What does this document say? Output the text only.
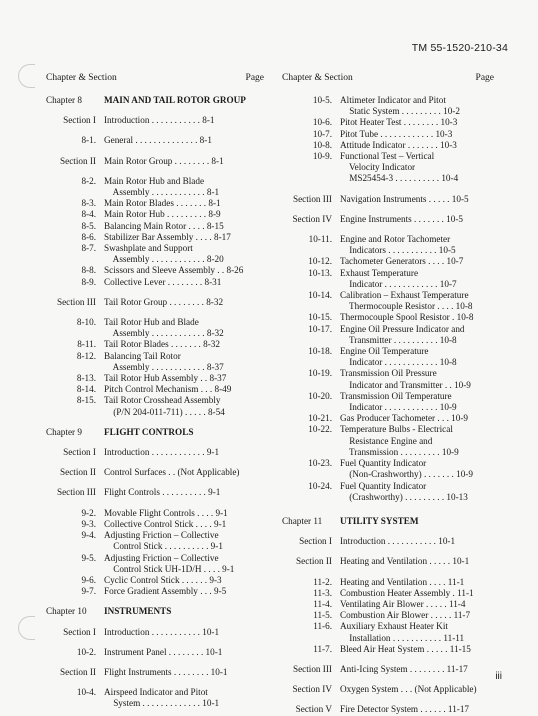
TM 55-1520-210-34
Chapter & Section	Page
Chapter 8 MAIN AND TAIL ROTOR GROUP
Section I Introduction . . . . . . . . . . . 8-1
8-1. General . . . . . . . . . . . . . . 8-1
Section II Main Rotor Group . . . . . . . . 8-1
8-2. Main Rotor Hub and Blade
Assembly . . . . . . . . . . . . 8-1
8-3. Main Rotor Blades . . . . . . . 8-1
8-4. Main Rotor Hub . . . . . . . . . 8-9
8-5. Balancing Main Rotor . . . . 8-15
8-6. Stabilizer Bar Assembly . . . . 8-17
8-7. Swashplate and Support
Assembly . . . . . . . . . . . . 8-20
8-8. Scissors and Sleeve Assembly . . 8-26
8-9. Collective Lever . . . . . . . . 8-31
Section III Tail Rotor Group . . . . . . . . 8-32
8-10. Tail Rotor Hub and Blade
Assembly . . . . . . . . . . . . 8-32
8-11. Tail Rotor Blades . . . . . . . 8-32
8-12. Balancing Tail Rotor
Assembly . . . . . . . . . . . . 8-37
8-13. Tail Rotor Hub Assembly . . 8-37
8-14. Pitch Control Mechanism . . . 8-49
8-15. Tail Rotor Crosshead Assembly
(P/N 204-011-711) . . . . . 8-54
Chapter 9 FLIGHT CONTROLS
Section I Introduction . . . . . . . . . . . . 9-1
Section II Control Surfaces . . (Not Applicable)
Section III Flight Controls . . . . . . . . . . 9-1
9-2. Movable Flight Controls . . . . 9-1
9-3. Collective Control Stick . . . . 9-1
9-4. Adjusting Friction – Collective
Control Stick . . . . . . . . . . 9-1
9-5. Adjusting Friction – Collective
Control Stick UH-1D/H . . . . 9-1
9-6. Cyclic Control Stick . . . . . . 9-3
9-7. Force Gradient Assembly . . . 9-5
Chapter 10 INSTRUMENTS
Section I Introduction . . . . . . . . . . . 10-1
10-2. Instrument Panel . . . . . . . . 10-1
Section II Flight Instruments . . . . . . . . 10-1
10-4. Airspeed Indicator and Pitot
System . . . . . . . . . . . . . 10-1
Chapter & Section	Page
10-5. Altimeter Indicator and Pitot
Static System . . . . . . . . . 10-2
10-6. Pitot Heater Test . . . . . . . . 10-3
10-7. Pitot Tube . . . . . . . . . . . . 10-3
10-8. Attitude Indicator . . . . . . . 10-3
10-9. Functional Test – Vertical
Velocity Indicator
MS25454-3 . . . . . . . . . . 10-4
Section III Navigation Instruments . . . . . 10-5
Section IV Engine Instruments . . . . . . . 10-5
10-11. Engine and Rotor Tachometer
Indicators . . . . . . . . . . . 10-5
10-12. Tachometer Generators . . . . 10-7
10-13. Exhaust Temperature
Indicator . . . . . . . . . . . . 10-7
10-14. Calibration – Exhaust Temperature
Thermocouple Resistor . . . . 10-8
10-15. Thermocouple Spool Resistor . 10-8
10-17. Engine Oil Pressure Indicator and
Transmitter . . . . . . . . . . 10-8
10-18. Engine Oil Temperature
Indicator . . . . . . . . . . . . 10-8
10-19. Transmission Oil Pressure
Indicator and Transmitter . . 10-9
10-20. Transmission Oil Temperature
Indicator . . . . . . . . . . . . 10-9
10-21. Gas Producer Tachometer . . . 10-9
10-22. Temperature Bulbs - Electrical
Resistance Engine and
Transmission . . . . . . . . . 10-9
10-23. Fuel Quantity Indicator
(Non-Crashworthy) . . . . . . . 10-9
10-24. Fuel Quantity Indicator
(Crashworthy) . . . . . . . . . 10-13
Chapter 11 UTILITY SYSTEM
Section I Introduction . . . . . . . . . . . 10-1
Section II Heating and Ventilation . . . . . 10-1
11-2. Heating and Ventilation . . . . 11-1
11-3. Combustion Heater Assembly . 11-1
11-4. Ventilating Air Blower . . . . . 11-4
11-5. Combustion Air Blower . . . . . 11-7
11-6. Auxiliary Exhaust Heater Kit
Installation . . . . . . . . . . . 11-11
11-7. Bleed Air Heat System . . . . . 11-15
Section III Anti-Icing System . . . . . . . . 11-17
Section IV Oxygen System . . . (Not Applicable)
Section V Fire Detector System . . . . . . 11-17
iii
